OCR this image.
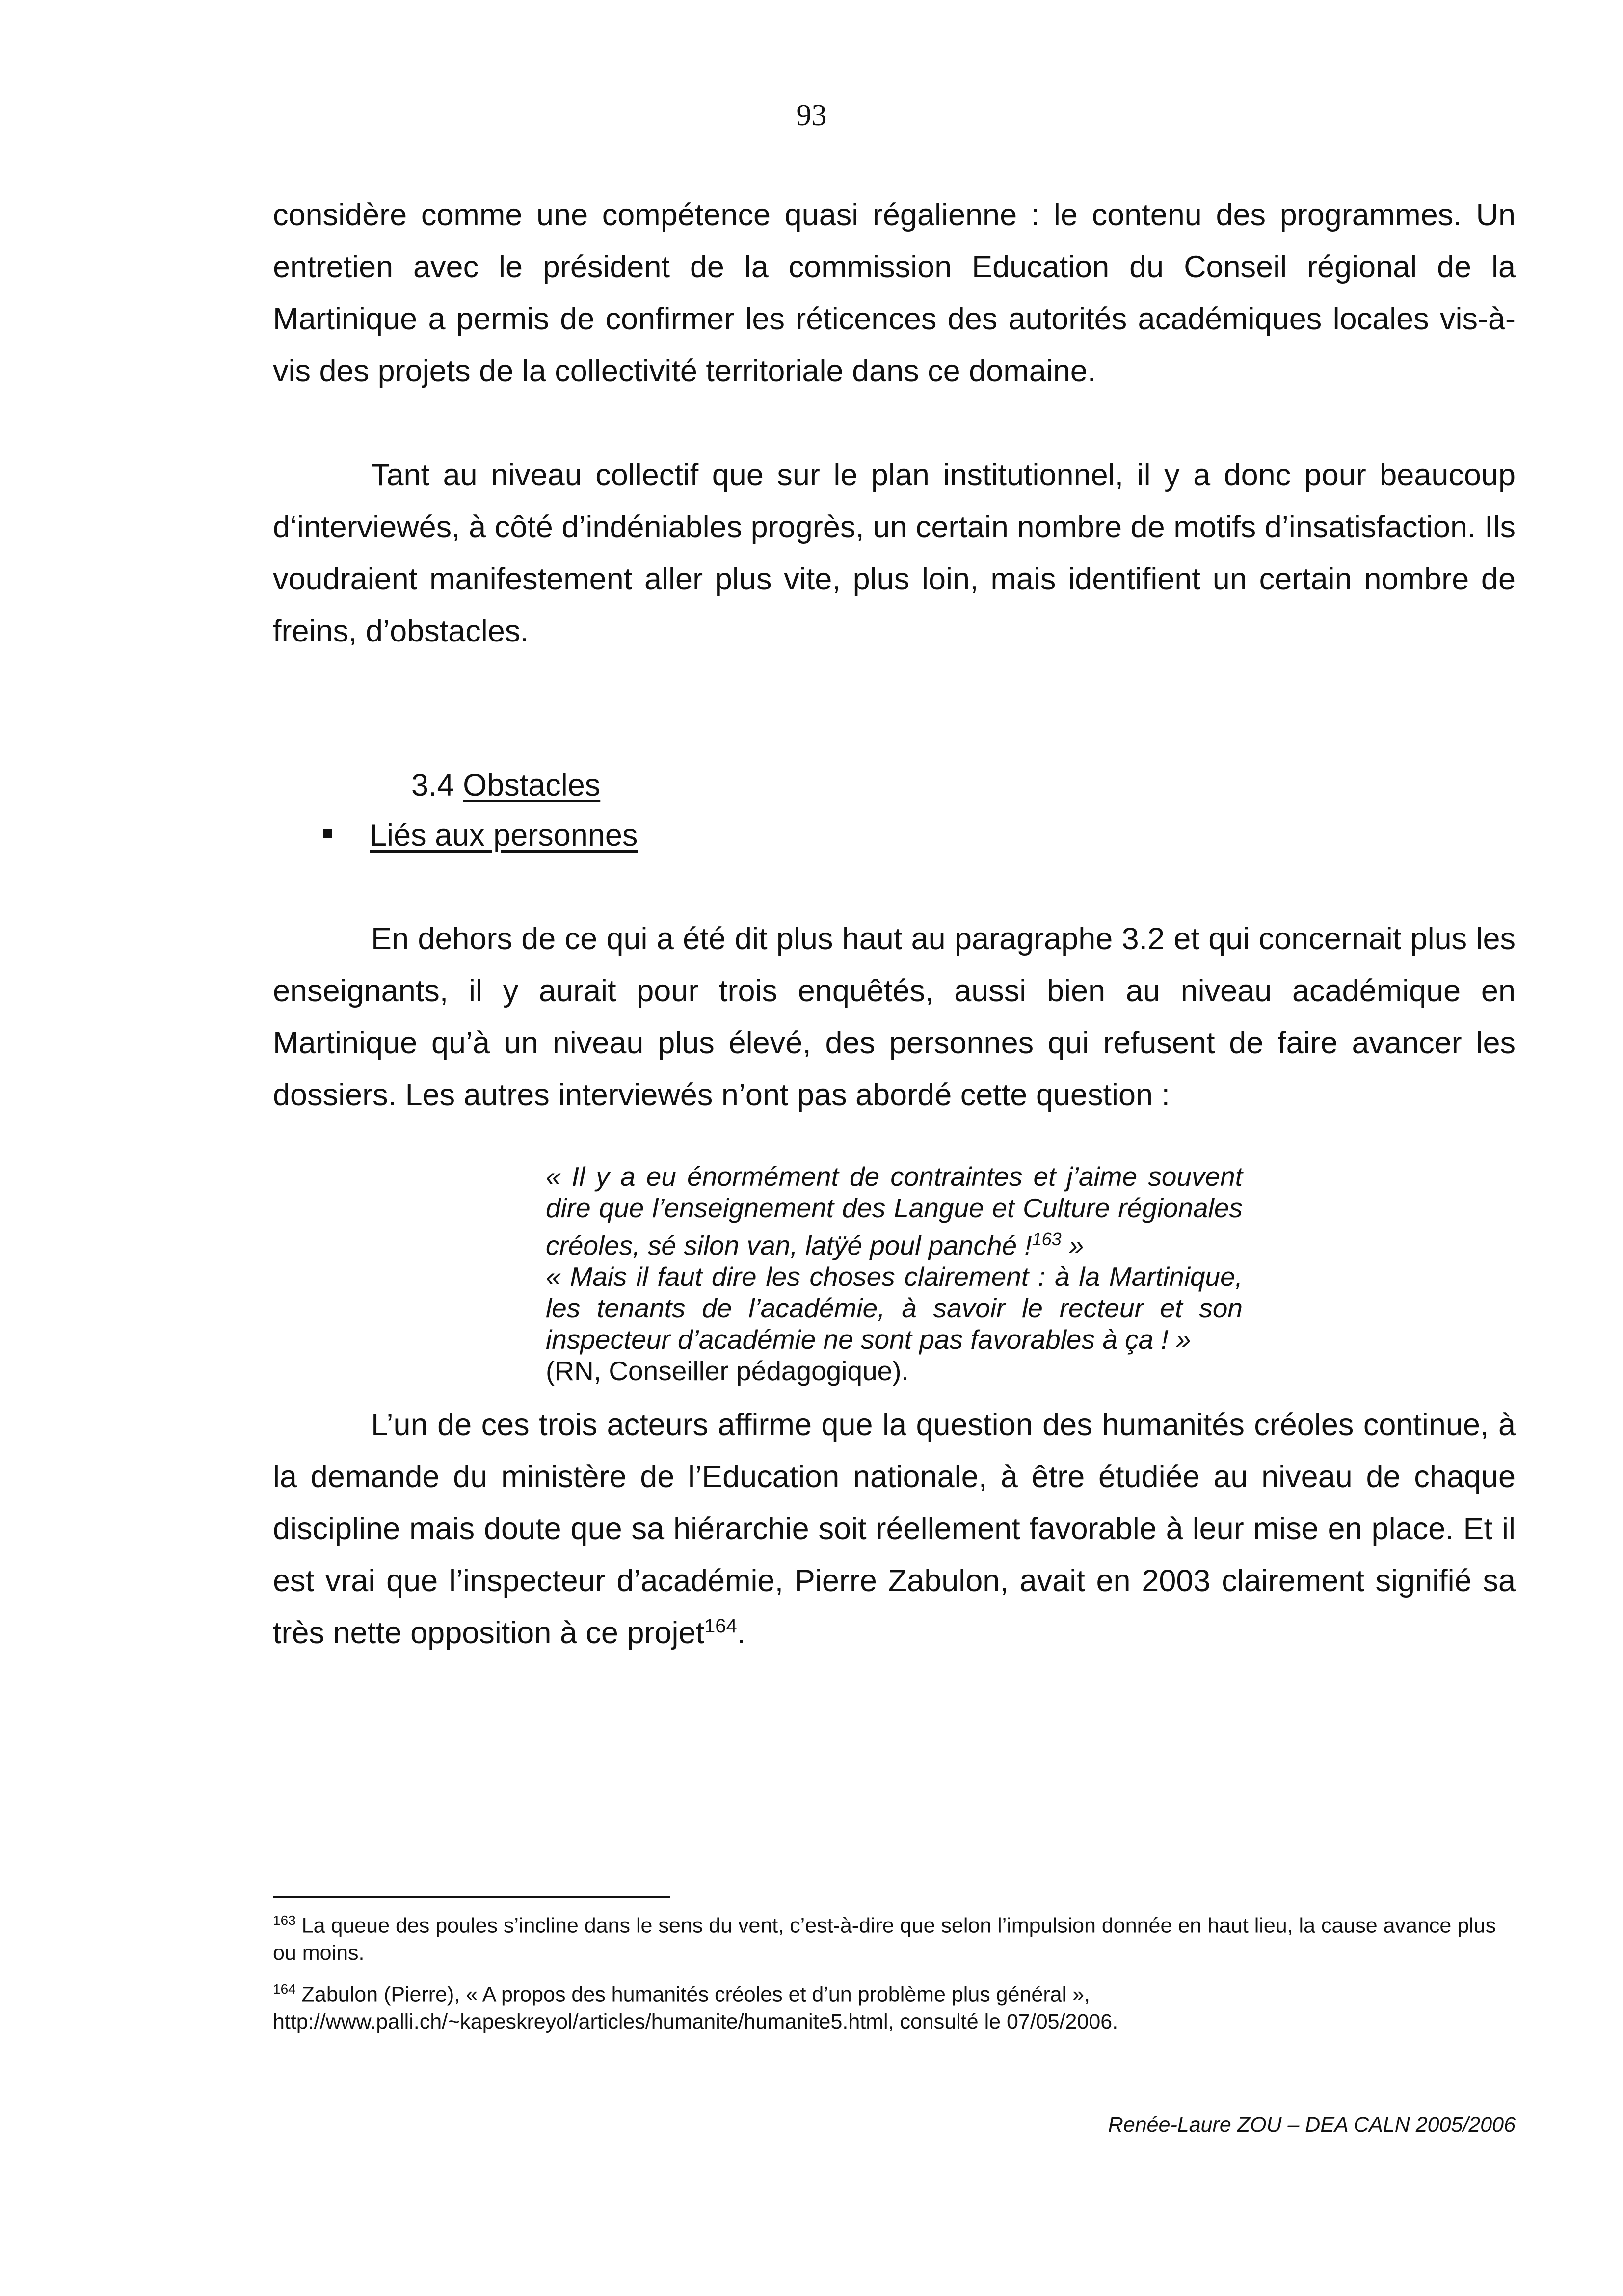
93

considère comme une compétence quasi régalienne : le contenu des programmes. Un entretien avec le président de la commission Education du Conseil régional de la Martinique a permis de confirmer les réticences des autorités académiques locales vis-à-vis des projets de la collectivité territoriale dans ce domaine.

Tant au niveau collectif que sur le plan institutionnel, il y a donc pour beaucoup d‘interviewés, à côté d’indéniables progrès, un certain nombre de motifs d’insatisfaction. Ils voudraient manifestement aller plus vite, plus loin, mais identifient un certain nombre de freins, d’obstacles.

3.4 Obstacles

Liés aux personnes

En dehors de ce qui a été dit plus haut au paragraphe 3.2 et qui concernait plus les enseignants, il y aurait pour trois enquêtés, aussi bien au niveau académique en Martinique qu’à un niveau plus élevé, des personnes qui refusent de faire avancer les dossiers. Les autres interviewés n’ont pas abordé cette question :

« Il y a eu énormément de contraintes et j’aime souvent dire que l’enseignement des Langue et Culture régionales créoles, sé silon van, latÿé poul panché !$^{163}$ »
« Mais il faut dire les choses clairement : à la Martinique, les tenants de l’académie, à savoir le recteur et son inspecteur d’académie ne sont pas favorables à ça ! »
(RN, Conseiller pédagogique).

L’un de ces trois acteurs affirme que la question des humanités créoles continue, à la demande du ministère de l’Education nationale, à être étudiée au niveau de chaque discipline mais doute que sa hiérarchie soit réellement favorable à leur mise en place. Et il est vrai que l’inspecteur d’académie, Pierre Zabulon, avait en 2003 clairement signifié sa très nette opposition à ce projet$^{164}$.

$^{163}$ La queue des poules s’incline dans le sens du vent, c’est-à-dire que selon l’impulsion donnée en haut lieu, la cause avance plus ou moins.

$^{164}$ Zabulon (Pierre), « A propos des humanités créoles et d’un problème plus général », http://www.palli.ch/~kapeskreyol/articles/humanite/humanite5.html, consulté le 07/05/2006.

Renée-Laure ZOU – DEA CALN 2005/2006
